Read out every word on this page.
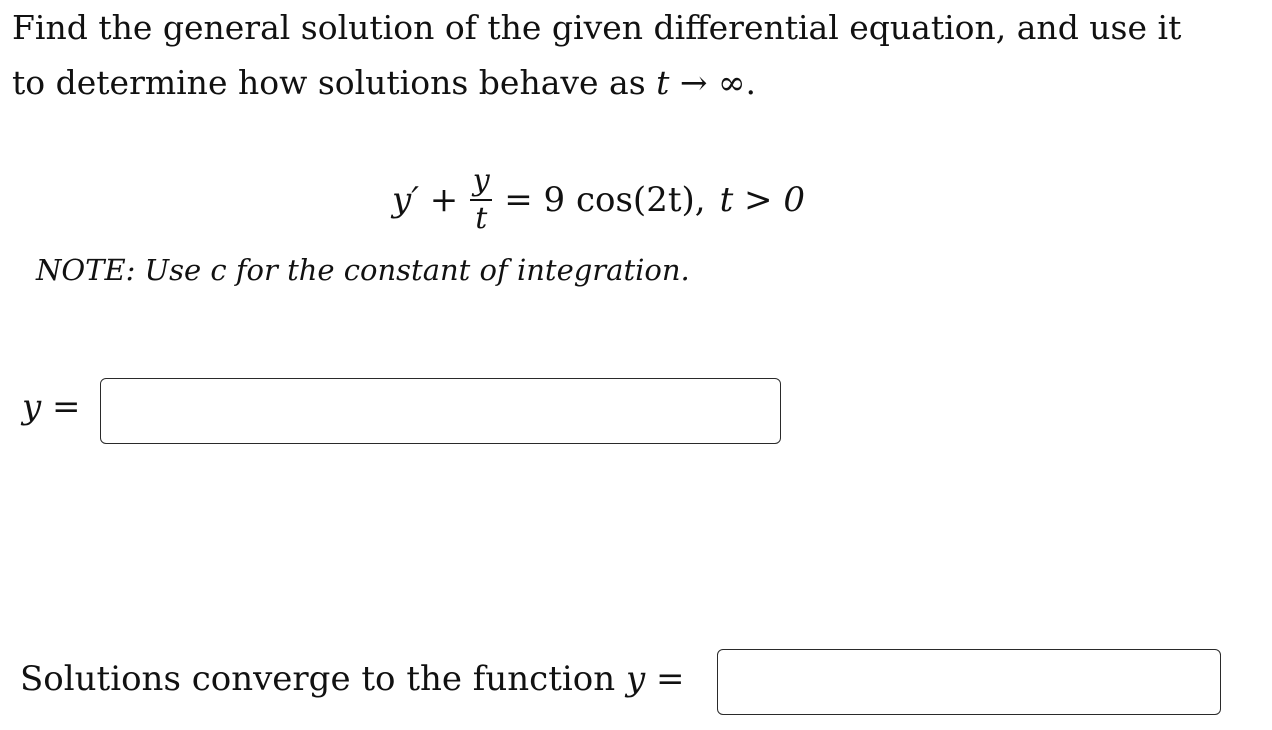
Find the general solution of the given differential equation, and use it
to determine how solutions behave as t → ∞.

$y' + \frac{y}{t} = 9$ cos(2t), t > 0

NOTE: Use c for the constant of integration.

y =
Solutions converge to the function y =
